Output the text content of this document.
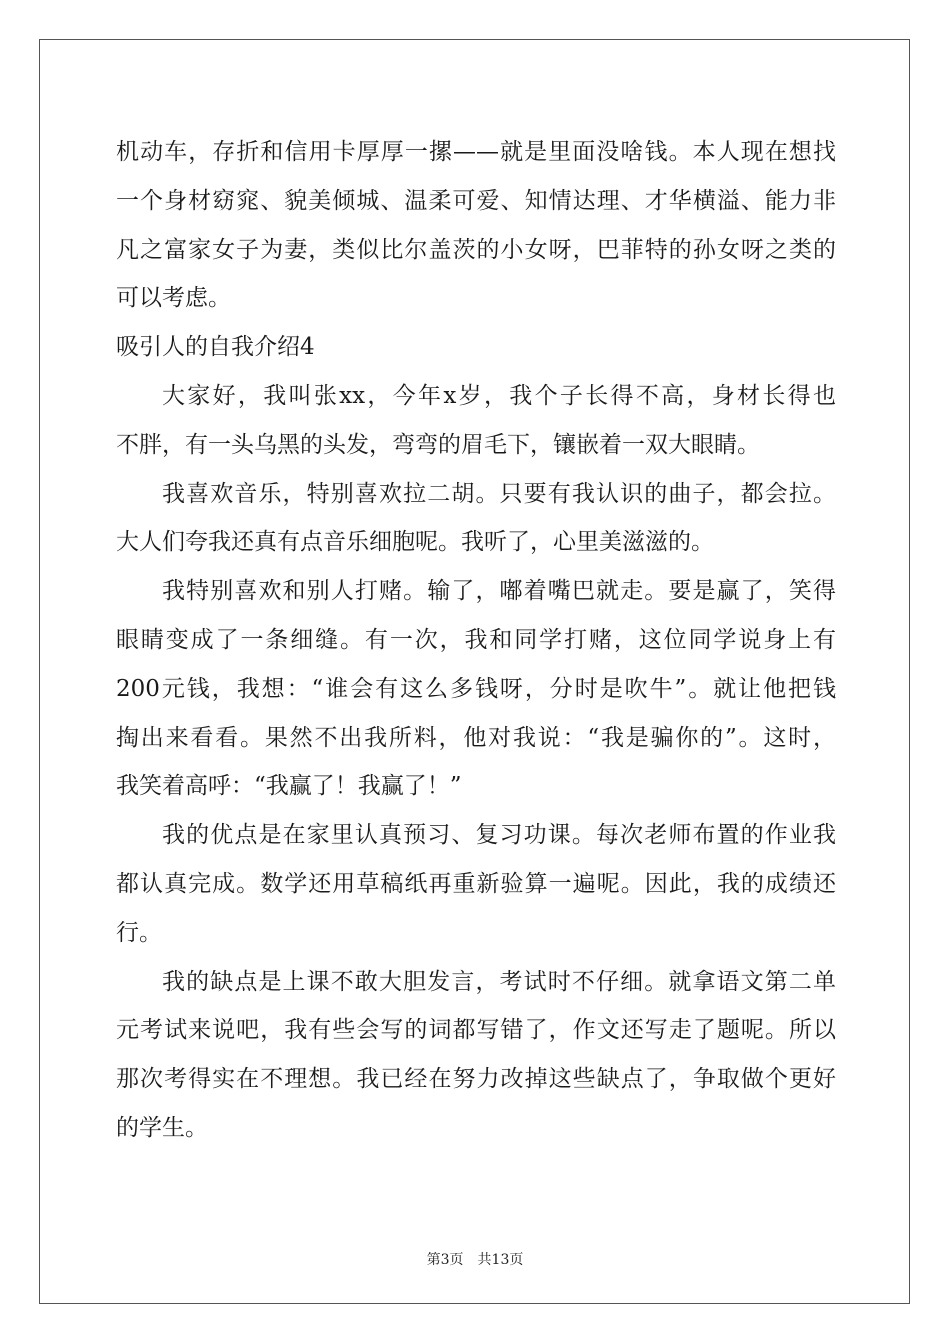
机动车，存折和信用卡厚厚一摞——就是里面没啥钱。本人现在想找
一个身材窈窕、貌美倾城、温柔可爱、知情达理、才华横溢、能力非
凡之富家女子为妻，类似比尔盖茨的小女呀，巴菲特的孙女呀之类的
可以考虑。
吸引人的自我介绍4
大家好，我叫张xx，今年x岁，我个子长得不高，身材长得也
不胖，有一头乌黑的头发，弯弯的眉毛下，镶嵌着一双大眼睛。
我喜欢音乐，特别喜欢拉二胡。只要有我认识的曲子，都会拉。
大人们夸我还真有点音乐细胞呢。我听了，心里美滋滋的。
我特别喜欢和别人打赌。输了，嘟着嘴巴就走。要是赢了，笑得
眼睛变成了一条细缝。有一次，我和同学打赌，这位同学说身上有
200元钱，我想：“谁会有这么多钱呀，分时是吹牛”。就让他把钱
掏出来看看。果然不出我所料，他对我说：“我是骗你的”。这时，
我笑着高呼：“我赢了！我赢了！”
我的优点是在家里认真预习、复习功课。每次老师布置的作业我
都认真完成。数学还用草稿纸再重新验算一遍呢。因此，我的成绩还
行。
我的缺点是上课不敢大胆发言，考试时不仔细。就拿语文第二单
元考试来说吧，我有些会写的词都写错了，作文还写走了题呢。所以
那次考得实在不理想。我已经在努力改掉这些缺点了，争取做个更好
的学生。
第3页 共13页
